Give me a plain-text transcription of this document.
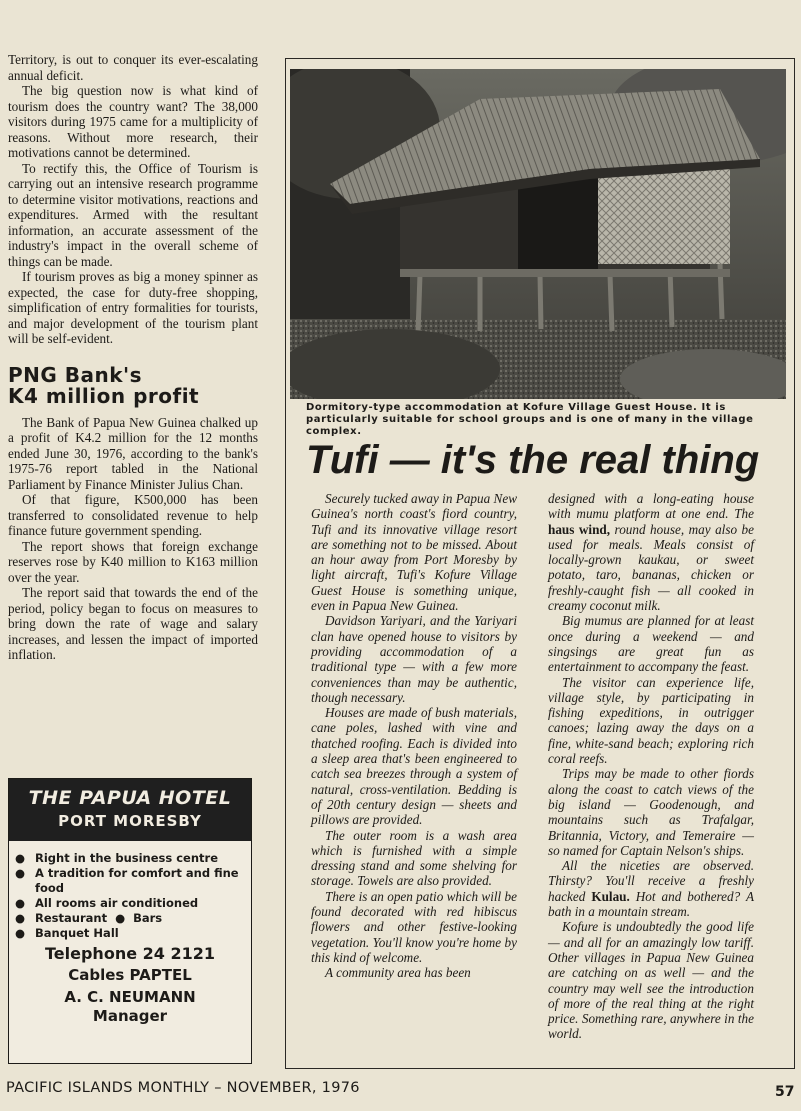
Territory, is out to conquer its ever-escalating annual deficit.

The big question now is what kind of tourism does the country want? The 38,000 visitors during 1975 came for a multiplicity of reasons. Without more research, their motivations cannot be determined.

To rectify this, the Office of Tourism is carrying out an intensive research programme to determine visitor motivations, reactions and expenditures. Armed with the resultant information, an accurate assessment of the industry's impact in the overall scheme of things can be made.

If tourism proves as big a money spinner as expected, the case for duty-free shopping, simplification of entry formalities for tourists, and major development of the tourism plant will be self-evident.

PNG Bank's
K4 million profit

The Bank of Papua New Guinea chalked up a profit of K4.2 million for the 12 months ended June 30, 1976, according to the bank's 1975-76 report tabled in the National Parliament by Finance Minister Julius Chan.

Of that figure, K500,000 has been transferred to consolidated revenue to help finance future government spending.

The report shows that foreign exchange reserves rose by K40 million to K163 million over the year.

The report said that towards the end of the period, policy began to focus on measures to bring down the rate of wage and salary increases, and lessen the impact of imported inflation.

THE PAPUA HOTEL
PORT MORESBY
● Right in the business centre
● A tradition for comfort and fine food
● All rooms air conditioned
● Restaurant ● Bars
● Banquet Hall
Telephone 24 2121
Cables PAPTEL
A. C. NEUMANN
Manager
Dormitory-type accommodation at Kofure Village Guest House. It is particularly suitable for school groups and is one of many in the village complex.
Tufi — it's the real thing

Securely tucked away in Papua New Guinea's north coast's fiord country, Tufi and its innovative village resort are something not to be missed. About an hour away from Port Moresby by light aircraft, Tufi's Kofure Village Guest House is something unique, even in Papua New Guinea.

Davidson Yariyari, and the Yariyari clan have opened house to visitors by providing accommodation of a traditional type — with a few more conveniences than may be authentic, though necessary.

Houses are made of bush materials, cane poles, lashed with vine and thatched roofing. Each is divided into a sleep area that's been engineered to catch sea breezes through a system of natural, cross-ventilation. Bedding is of 20th century design — sheets and pillows are provided.

The outer room is a wash area which is furnished with a simple dressing stand and some shelving for storage. Towels are also provided.

There is an open patio which will be found decorated with red hibiscus flowers and other festive-looking vegetation. You'll know you're home by this kind of welcome.

A community area has been

designed with a long-eating house with mumu platform at one end. The haus wind, round house, may also be used for meals. Meals consist of locally-grown kaukau, or sweet potato, taro, bananas, chicken or freshly-caught fish — all cooked in creamy coconut milk.

Big mumus are planned for at least once during a weekend — and singsings are great fun as entertainment to accompany the feast.

The visitor can experience life, village style, by participating in fishing expeditions, in outrigger canoes; lazing away the days on a fine, white-sand beach; exploring rich coral reefs.

Trips may be made to other fiords along the coast to catch views of the big island — Goodenough, and mountains such as Trafalgar, Britannia, Victory, and Temeraire — so named for Captain Nelson's ships.

All the niceties are observed. Thirsty? You'll receive a freshly hacked Kulau. Hot and bothered? A bath in a mountain stream.

Kofure is undoubtedly the good life — and all for an amazingly low tariff. Other villages in Papua New Guinea are catching on as well — and the country may well see the introduction of more of the real thing at the right price. Something rare, anywhere in the world.

PACIFIC ISLANDS MONTHLY – NOVEMBER, 1976	57
